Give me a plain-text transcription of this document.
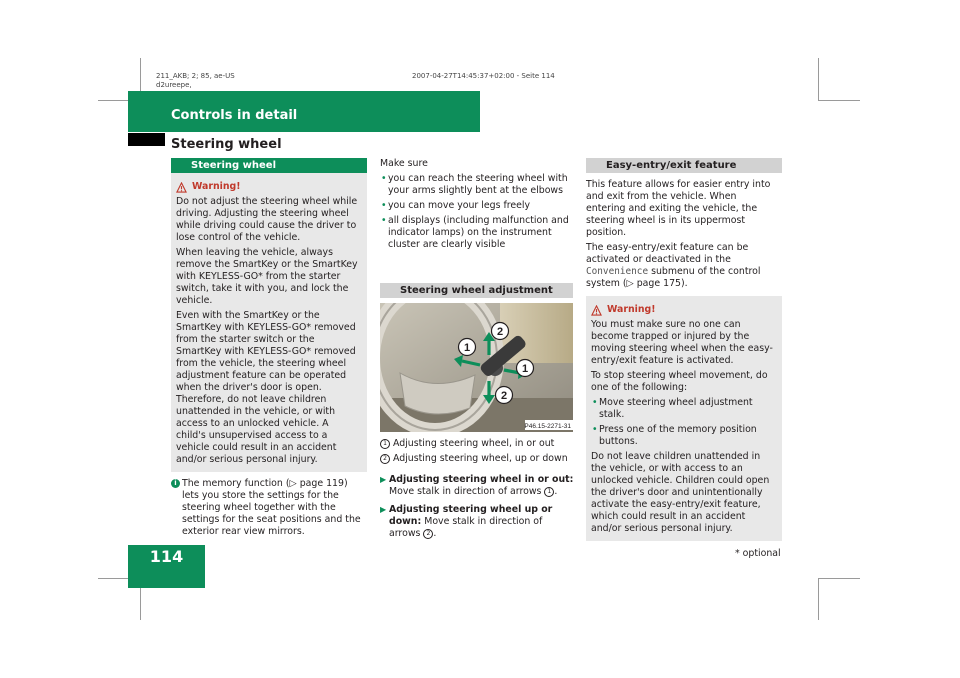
211_AKB; 2; 85, ae-US
d2ureepe,
2007-04-27T14:45:37+02:00 - Seite 114
Controls in detail
Steering wheel
114	* optional
Steering wheel
Warning!

Do not adjust the steering wheel while driving. Adjusting the steering wheel while driving could cause the driver to lose control of the vehicle.

When leaving the vehicle, always remove the SmartKey or the SmartKey with KEYLESS-GO* from the starter switch, take it with you, and lock the vehicle.

Even with the SmartKey or the SmartKey with KEYLESS-GO* removed from the starter switch or the SmartKey with KEYLESS-GO* removed from the vehicle, the steering wheel adjustment feature can be operated when the driver's door is open. Therefore, do not leave children unattended in the vehicle, or with access to an unlocked vehicle. A child's unsupervised access to a vehicle could result in an accident and/or serious personal injury.

i The memory function (▷ page 119) lets you store the settings for the steering wheel together with the settings for the seat positions and the exterior rear view mirrors.

Make sure

• you can reach the steering wheel with your arms slightly bent at the elbows
• you can move your legs freely
• all displays (including malfunction and indicator lamps) on the instrument cluster are clearly visible
Steering wheel adjustment
2
1
1
2
P46.15-2271-31
1 Adjusting steering wheel, in or out
2 Adjusting steering wheel, up or down
▶ Adjusting steering wheel in or out: Move stalk in direction of arrows 1 .
▶ Adjusting steering wheel up or down: Move stalk in direction of arrows 2 .
Easy-entry/exit feature

This feature allows for easier entry into and exit from the vehicle. When entering and exiting the vehicle, the steering wheel is in its uppermost position.

The easy-entry/exit feature can be activated or deactivated in the Convenience submenu of the control system (▷ page 175).

Warning!

You must make sure no one can become trapped or injured by the moving steering wheel when the easy-entry/exit feature is activated.

To stop steering wheel movement, do one of the following:

• Move steering wheel adjustment stalk.
• Press one of the memory position buttons.

Do not leave children unattended in the vehicle, or with access to an unlocked vehicle. Children could open the driver's door and unintentionally activate the easy-entry/exit feature, which could result in an accident and/or serious personal injury.
